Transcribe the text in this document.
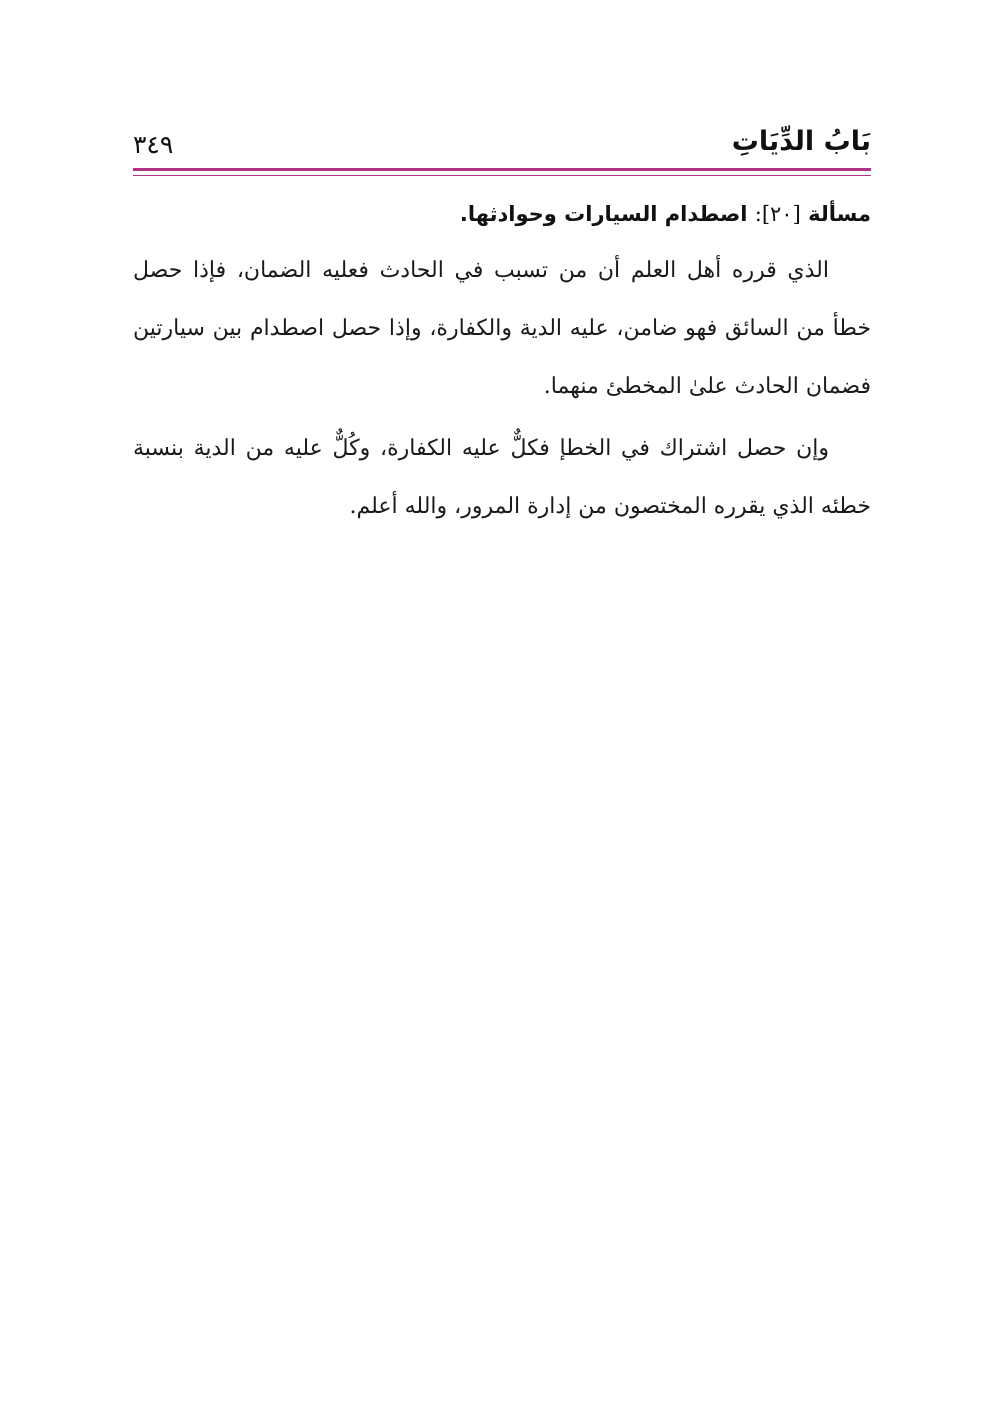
بَابُ الدِّيَاتِ
٣٤٩
مسألة [٢٠]: اصطدام السيارات وحوادثها.

الذي قرره أهل العلم أن من تسبب في الحادث فعليه الضمان، فإذا حصل خطأ من السائق فهو ضامن، عليه الدية والكفارة، وإذا حصل اصطدام بين سيارتين فضمان الحادث علىٰ المخطئ منهما.

وإن حصل اشتراك في الخطإ فكلٌّ عليه الكفارة، وكُلٌّ عليه من الدية بنسبة خطئه الذي يقرره المختصون من إدارة المرور، والله أعلم.
